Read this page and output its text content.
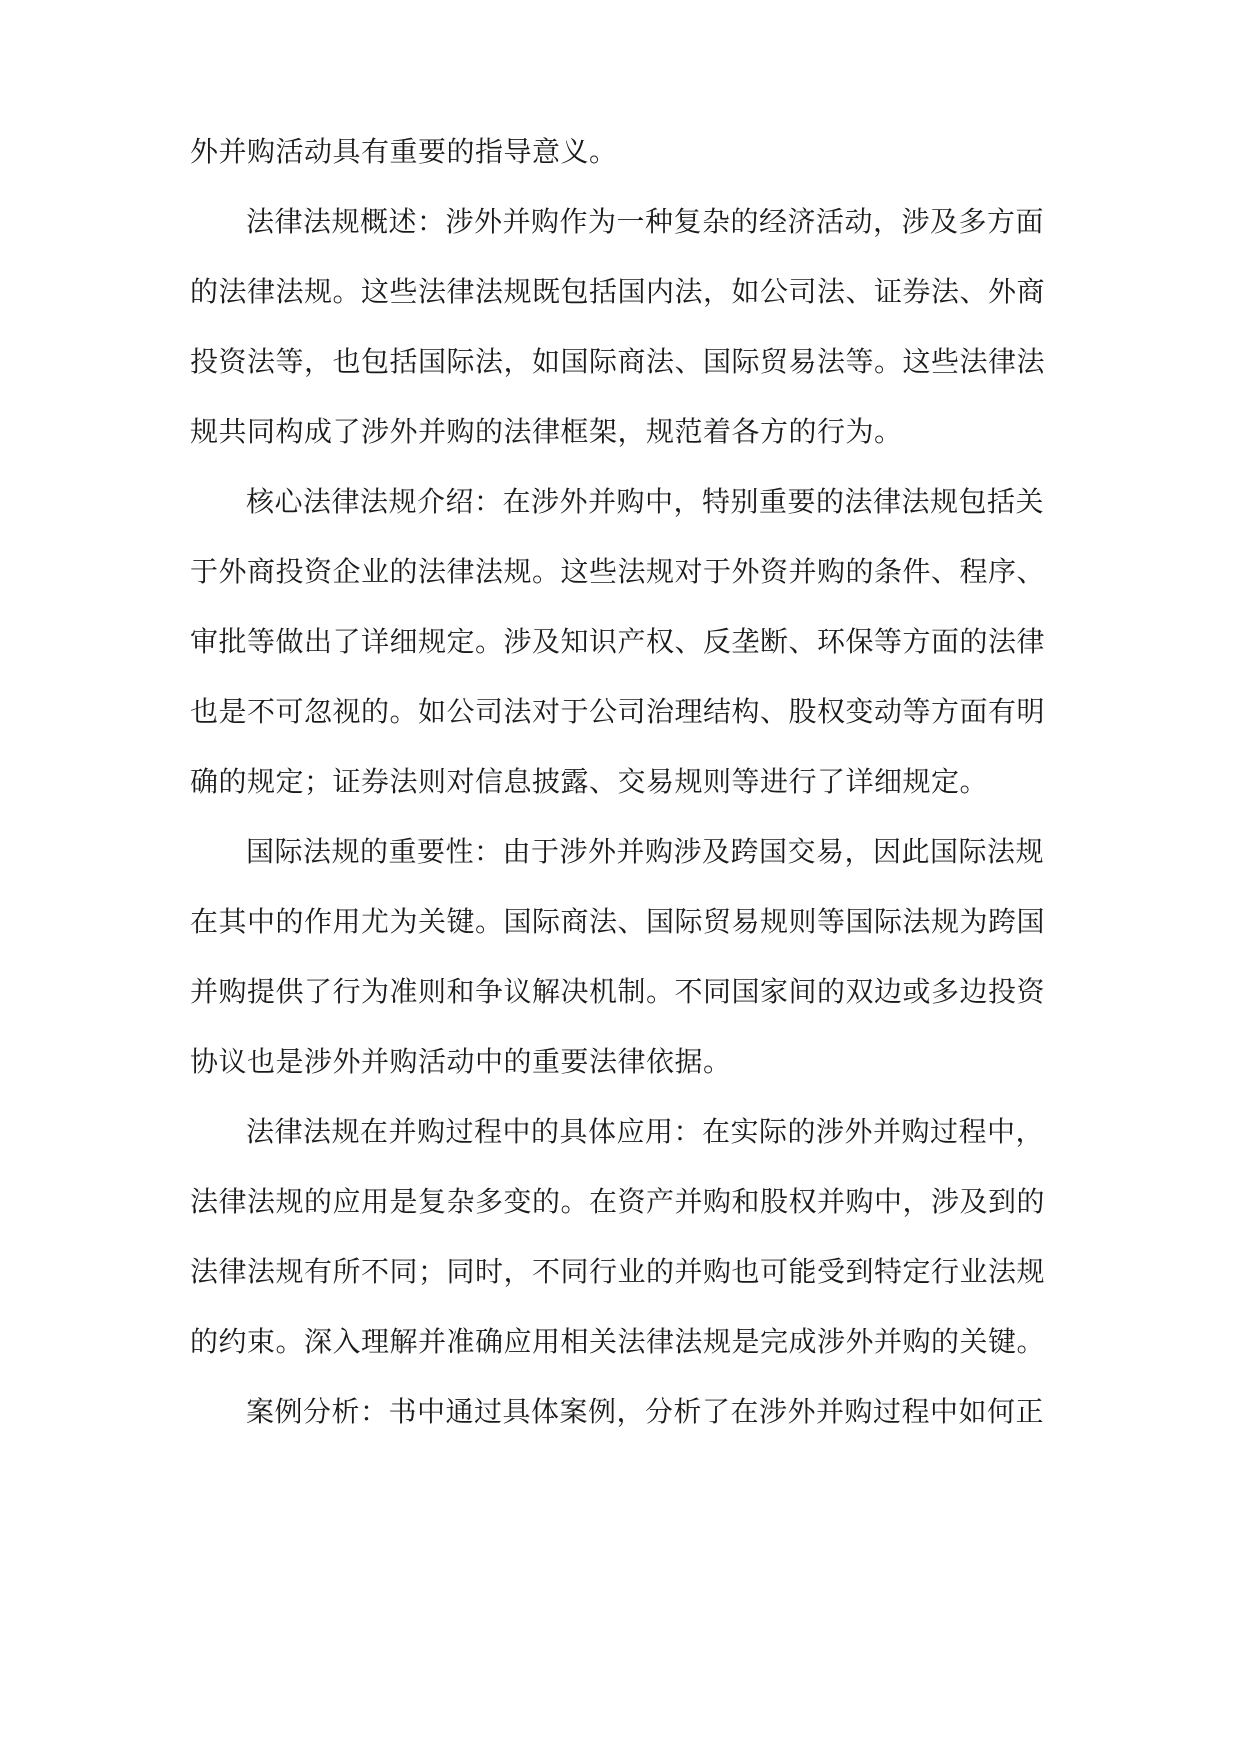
外并购活动具有重要的指导意义。
法律法规概述：涉外并购作为一种复杂的经济活动，涉及多方面
的法律法规。这些法律法规既包括国内法，如公司法、证券法、外商
投资法等，也包括国际法，如国际商法、国际贸易法等。这些法律法
规共同构成了涉外并购的法律框架，规范着各方的行为。
核心法律法规介绍：在涉外并购中，特别重要的法律法规包括关
于外商投资企业的法律法规。这些法规对于外资并购的条件、程序、
审批等做出了详细规定。涉及知识产权、反垄断、环保等方面的法律
也是不可忽视的。如公司法对于公司治理结构、股权变动等方面有明
确的规定；证券法则对信息披露、交易规则等进行了详细规定。
国际法规的重要性：由于涉外并购涉及跨国交易，因此国际法规
在其中的作用尤为关键。国际商法、国际贸易规则等国际法规为跨国
并购提供了行为准则和争议解决机制。不同国家间的双边或多边投资
协议也是涉外并购活动中的重要法律依据。
法律法规在并购过程中的具体应用：在实际的涉外并购过程中，
法律法规的应用是复杂多变的。在资产并购和股权并购中，涉及到的
法律法规有所不同；同时，不同行业的并购也可能受到特定行业法规
的约束。深入理解并准确应用相关法律法规是完成涉外并购的关键。
案例分析：书中通过具体案例，分析了在涉外并购过程中如何正
